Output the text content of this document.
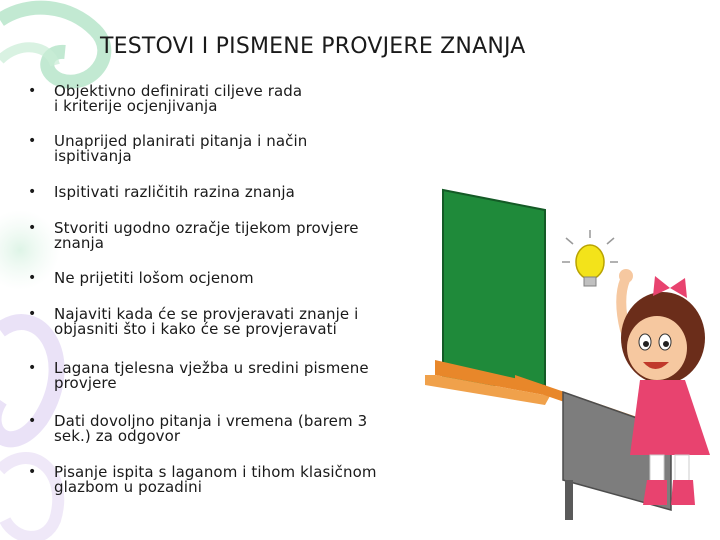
TESTOVI I PISMENE PROVJERE ZNANJA
• Objektivno definirati ciljeve rada
i kriterije ocjenjivanja
• Unaprijed planirati pitanja i način
ispitivanja
• Ispitivati različitih razina znanja
• Stvoriti ugodno ozračje tijekom provjere
znanja
• Ne prijetiti lošom ocjenom
• Najaviti kada će se provjeravati znanje i
objasniti što i kako će se provjeravati
• Lagana tjelesna vježba u sredini pismene
provjere
• Dati dovoljno pitanja i vremena (barem 3
sek.) za odgovor
• Pisanje ispita s laganom i tihom klasičnom
glazbom u pozadini
